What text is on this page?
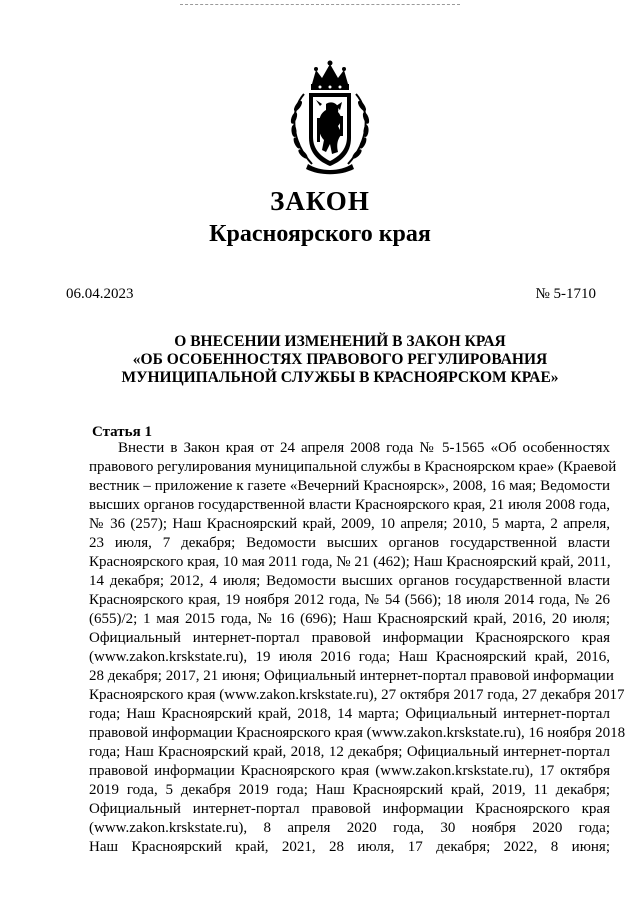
ЗАКОН
Красноярского края
06.04.2023	№ 5-1710
О ВНЕСЕНИИ ИЗМЕНЕНИЙ В ЗАКОН КРАЯ
«ОБ ОСОБЕННОСТЯХ ПРАВОВОГО РЕГУЛИРОВАНИЯ
МУНИЦИПАЛЬНОЙ СЛУЖБЫ В КРАСНОЯРСКОМ КРАЕ»
Статья 1
Внести в Закон края от 24 апреля 2008 года № 5-1565 «Об особенностях
правового регулирования муниципальной службы в Красноярском крае» (Краевой
вестник – приложение к газете «Вечерний Красноярск», 2008, 16 мая; Ведомости
высших органов государственной власти Красноярского края, 21 июля 2008 года,
№ 36 (257); Наш Красноярский край, 2009, 10 апреля; 2010, 5 марта, 2 апреля,
23 июля, 7 декабря; Ведомости высших органов государственной власти
Красноярского края, 10 мая 2011 года, № 21 (462); Наш Красноярский край, 2011,
14 декабря; 2012, 4 июля; Ведомости высших органов государственной власти
Красноярского края, 19 ноября 2012 года, № 54 (566); 18 июля 2014 года, № 26
(655)/2; 1 мая 2015 года, № 16 (696); Наш Красноярский край, 2016, 20 июля;
Официальный интернет-портал правовой информации Красноярского края
(www.zakon.krskstate.ru), 19 июля 2016 года; Наш Красноярский край, 2016,
28 декабря; 2017, 21 июня; Официальный интернет-портал правовой информации
Красноярского края (www.zakon.krskstate.ru), 27 октября 2017 года, 27 декабря 2017
года; Наш Красноярский край, 2018, 14 марта; Официальный интернет-портал
правовой информации Красноярского края (www.zakon.krskstate.ru), 16 ноября 2018
года; Наш Красноярский край, 2018, 12 декабря; Официальный интернет-портал
правовой информации Красноярского края (www.zakon.krskstate.ru), 17 октября
2019 года, 5 декабря 2019 года; Наш Красноярский край, 2019, 11 декабря;
Официальный интернет-портал правовой информации Красноярского края
(www.zakon.krskstate.ru), 8 апреля 2020 года, 30 ноября 2020 года;
Наш Красноярский край, 2021, 28 июля, 17 декабря; 2022, 8 июня;
